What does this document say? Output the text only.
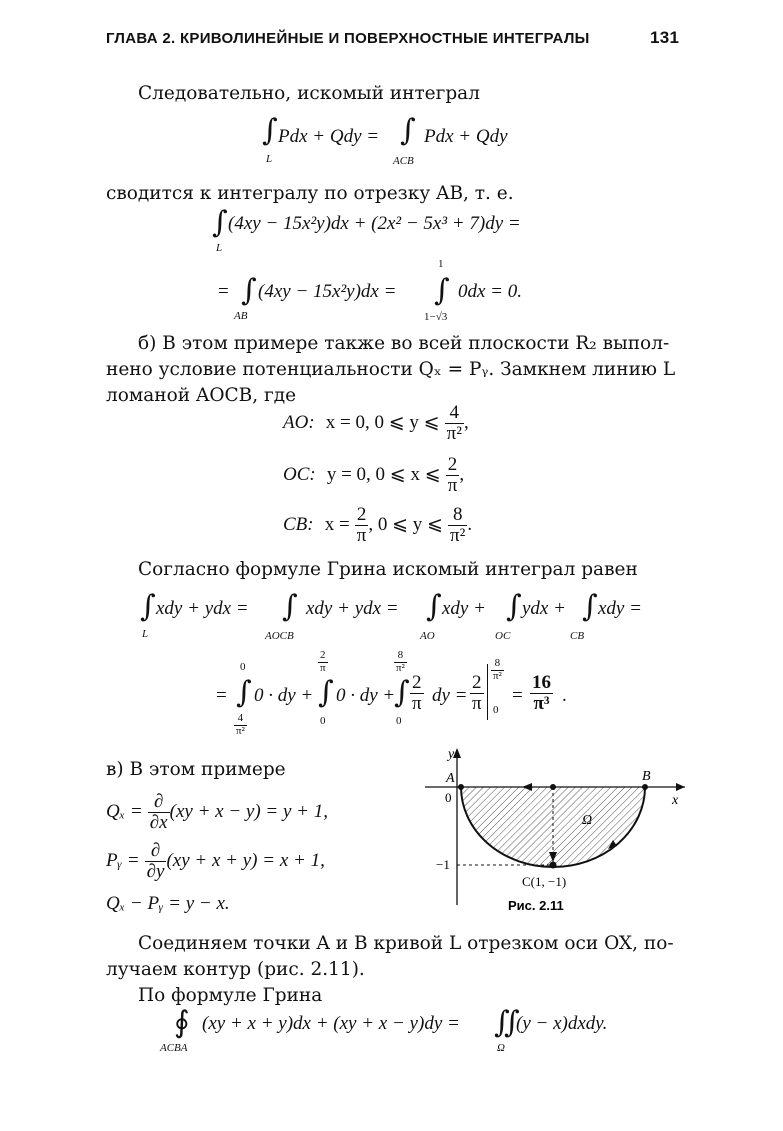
ГЛАВА 2. КРИВОЛИНЕЙНЫЕ И ПОВЕРХНОСТНЫЕ ИНТЕГРАЛЫ	131
Следовательно, искомый интеграл
∫ Pdx + Qdy =
L
∫ Pdx + Qdy
ACB
сводится к интегралу по отрезку AB, т. е.
∫ (4xy − 15x²y)dx + (2x² − 5x³ + 7)dy =
L
= ∫ (4xy − 15x²y)dx =
AB
1
∫
1−√3
0dx = 0.
б) В этом примере также во всей плоскости R₂ выпол-
нено условие потенциальности Qₓ = Pᵧ. Замкнем линию L
ломаной AOCB, где
AO: x = 0, 0 ⩽ y ⩽ $\frac{4}{\text{π²}}$ ,
OC: y = 0, 0 ⩽ x ⩽ $\frac{2}{\pi}$ ,
CB: $x = \frac{2}{\pi}$ , 0 ⩽ y ⩽ $\frac{8}{\text{π²}}$ .
Согласно формуле Грина искомый интеграл равен
∫ xdy + ydx =
L
∫ xdy + ydx =
AOCB
∫ xdy +
AO
∫ ydx +
OC
∫ xdy =
CB
=
0
∫
$\frac{4}{\text{π²}}$
0 · dy +
$\frac{2}{\pi}$
∫
0
0 · dy +
$\frac{8}{\text{π²}}$
∫
0
$\frac{2}{\pi}$ dy = $\frac{2}{\pi}$
$\frac{8}{\text{π²}}$
0
= $\frac{16}{\text{π³}}$ .
в) В этом примере
$Q_x = \frac{\partial}{\partial x} (xy + x - y) = y + 1$,
Pᵧ = $\frac{\partial}{\partial y} (xy + x + y) = x + 1$,
Qₓ − Pᵧ = y − x.
y
x
A	B
0
−1
Ω
C(1, −1)
Рис. 2.11
Соединяем точки A и B кривой L отрезком оси OX, по-
лучаем контур (рис. 2.11).
По формуле Грина
∮ (xy + x + y)dx + (xy + x − y)dy =
ACBA
∬
(y − x)dxdy.
Ω
